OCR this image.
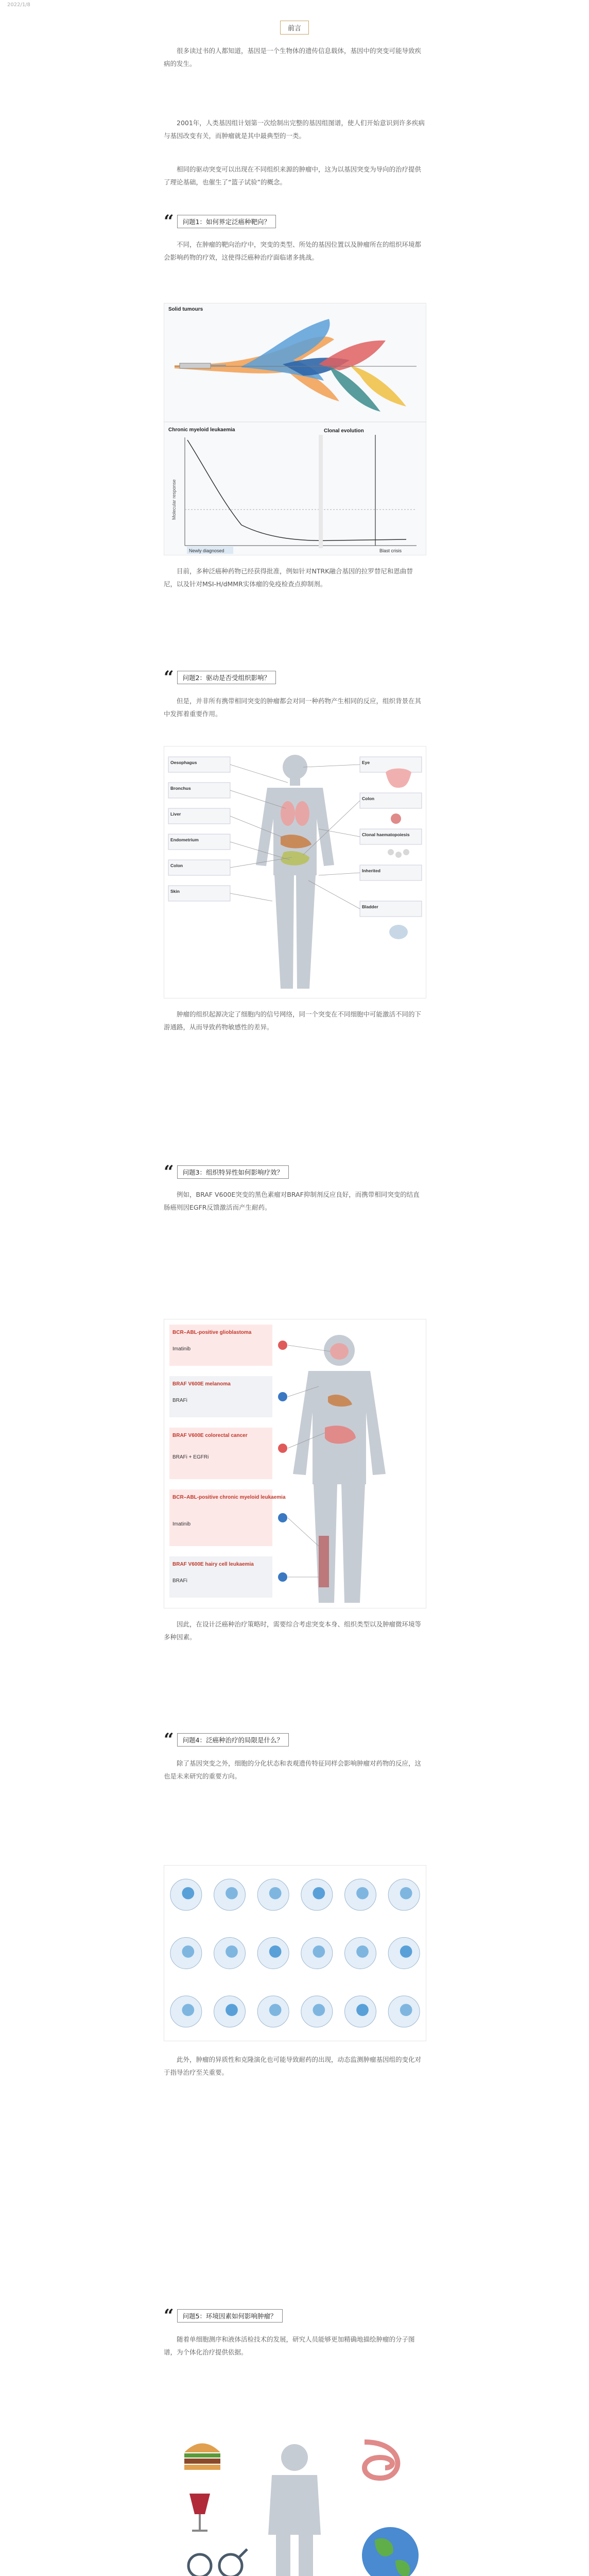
2022/1/8
前言

很多读过书的人都知道，基因是一个生物体的遗传信息载体，基因中的突变可能导致疾病的发生。

2001年，人类基因组计划第一次绘制出完整的基因组图谱，使人们开始意识到许多疾病与基因改变有关，而肿瘤就是其中最典型的一类。

相同的驱动突变可以出现在不同组织来源的肿瘤中，这为以基因突变为导向的治疗提供了理论基础，也催生了“篮子试验”的概念。

“	问题1：如何界定泛癌种靶向？

不同，在肿瘤的靶向治疗中，突变的类型、所处的基因位置以及肿瘤所在的组织环境都会影响药物的疗效，这使得泛癌种治疗面临诸多挑战。

Solid tumours
Chronic myeloid leukaemia	Clonal evolution
Molecular response
Newly diagnosed	Blast crisis

目前，多种泛癌种药物已经获得批准，例如针对NTRK融合基因的拉罗替尼和恩曲替尼，以及针对MSI-H/dMMR实体瘤的免疫检查点抑制剂。

“	问题2：驱动是否受组织影响？

但是，并非所有携带相同突变的肿瘤都会对同一种药物产生相同的反应，组织背景在其中发挥着重要作用。

Oesophagus
Bronchus
Liver
Endometrium
Colon
Skin
Eye
Colon
Clonal haematopoiesis
Inherited
Bladder

肿瘤的组织起源决定了细胞内的信号网络，同一个突变在不同细胞中可能激活不同的下游通路，从而导致药物敏感性的差异。

“	问题3：组织特异性如何影响疗效？

例如，BRAF V600E突变的黑色素瘤对BRAF抑制剂反应良好，而携带相同突变的结直肠癌则因EGFR反馈激活而产生耐药。

BCR–ABL-positive glioblastoma
Imatinib
BRAF V600E melanoma
BRAFi
BRAF V600E colorectal cancer
BRAFi + EGFRi
BCR–ABL-positive chronic myeloid leukaemia
Imatinib
BRAF V600E hairy cell leukaemia
BRAFi

因此，在设计泛癌种治疗策略时，需要综合考虑突变本身、组织类型以及肿瘤微环境等多种因素。

“	问题4：泛癌种治疗的局限是什么？

除了基因突变之外，细胞的分化状态和表观遗传特征同样会影响肿瘤对药物的反应，这也是未来研究的重要方向。

此外，肿瘤的异质性和克隆演化也可能导致耐药的出现，动态监测肿瘤基因组的变化对于指导治疗至关重要。

“	问题5：环境因素如何影响肿瘤？

随着单细胞测序和液体活检技术的发展，研究人员能够更加精确地描绘肿瘤的分子图谱，为个体化治疗提供依据。
